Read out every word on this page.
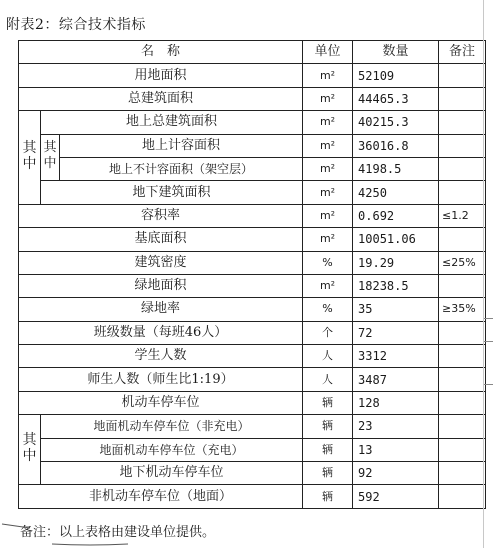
附表2：综合技术指标
名　称			单位	数量	备注
用地面积			m²	52109	
总建筑面积			m²	44465.3	
其中	地上总建筑面积		m²	40215.3	
	其中	地上计容面积	m²	36016.8	
		地上不计容面积（架空层）	m²	4198.5	
	地下建筑面积		m²	4250	
容积率			m²	0.692	≤1.2
基底面积			m²	10051.06	
建筑密度			%	19.29	≤25%
绿地面积			m²	18238.5	
绿地率			%	35	≥35%
班级数量（每班46人）			个	72	
学生人数			人	3312	
师生人数（师生比1:19）			人	3487	
机动车停车位			辆	128	
其中	地面机动车停车位（非充电）		辆	23	
	地面机动车停车位（充电）		辆	13	
	地下机动车停车位		辆	92	
非机动车停车位（地面）			辆	592	
备注：以上表格由建设单位提供。
